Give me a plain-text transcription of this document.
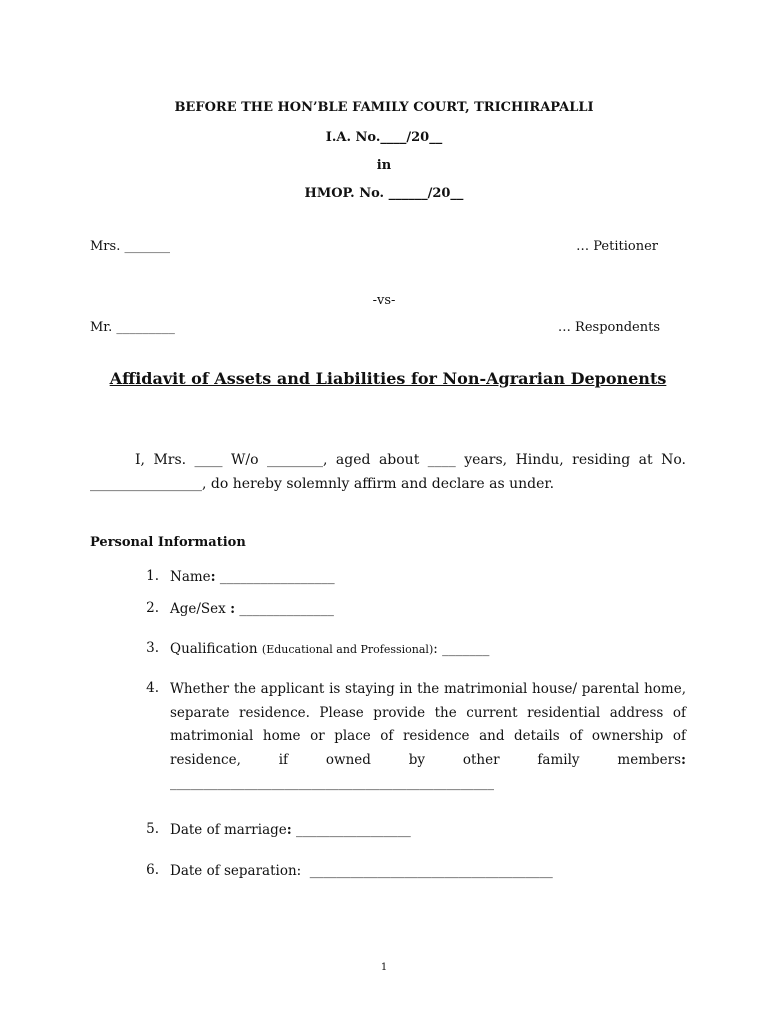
BEFORE THE HON’BLE FAMILY COURT, TRICHIRAPALLI
I.A. No.____/20__
in
HMOP. No. ______/20__
Mrs. _______	… Petitioner
-vs-
Mr. _________	… Respondents
Affidavit of Assets and Liabilities for Non-Agrarian Deponents
I, Mrs. ____ W/o ________, aged about ____ years, Hindu, residing at No. ________________, do hereby solemnly affirm and declare as under.
Personal Information
1. Name: _________________
2. Age/Sex : ______________
3. Qualification (Educational and Professional): _______
4. Whether the applicant is staying in the matrimonial house/ parental home, separate residence. Please provide the current residential address of matrimonial home or place of residence and details of ownership of residence, if owned by other family members: ________________________________________________
5. Date of marriage: _________________
6. Date of separation:  ____________________________________
1
